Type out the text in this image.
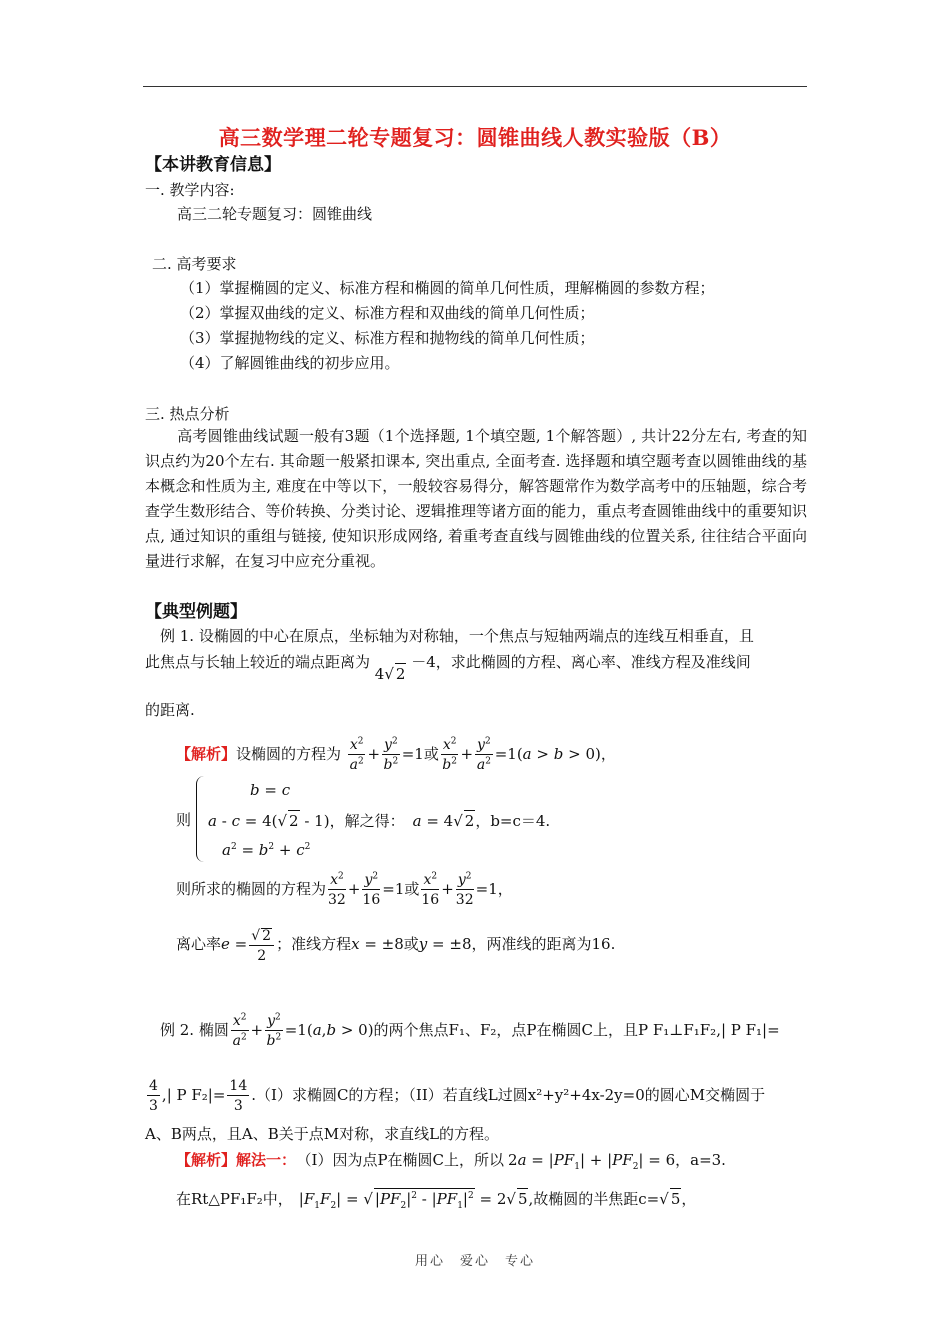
高三数学理二轮专题复习：圆锥曲线人教实验版（B）
【本讲教育信息】
一. 教学内容:
高三二轮专题复习：圆锥曲线
二. 高考要求
（1）掌握椭圆的定义、标准方程和椭圆的简单几何性质，理解椭圆的参数方程；
（2）掌握双曲线的定义、标准方程和双曲线的简单几何性质；
（3）掌握抛物线的定义、标准方程和抛物线的简单几何性质；
（4）了解圆锥曲线的初步应用。
三. 热点分析
高考圆锥曲线试题一般有3题（1个选择题, 1个填空题, 1个解答题）, 共计22分左右, 考查的知识点约为20个左右. 其命题一般紧扣课本, 突出重点, 全面考查. 选择题和填空题考查以圆锥曲线的基本概念和性质为主, 难度在中等以下，一般较容易得分，解答题常作为数学高考中的压轴题，综合考查学生数形结合、等价转换、分类讨论、逻辑推理等诸方面的能力，重点考查圆锥曲线中的重要知识点, 通过知识的重组与链接, 使知识形成网络, 着重考查直线与圆锥曲线的位置关系, 往往结合平面向量进行求解，在复习中应充分重视。
【典型例题】
例 1. 设椭圆的中心在原点，坐标轴为对称轴，一个焦点与短轴两端点的连线互相垂直，且
此焦点与长轴上较近的端点距离为 4√ 2 －4，求此椭圆的方程、离心率、准线方程及准线间
的距离.
【解析】设椭圆的方程为 $\frac{x^2}{a^2} + \frac{y^2}{b^2} =1$或 $\frac{x^2}{b^2} + \frac{y^2}{a^2} =1(a > b > 0)$，
则
b = c
a - c = 4(√ 2 - 1)，解之得： a = 4√ 2，b=c＝4.
$a^2 = b^2 + c^2$
则所求的椭圆的方程为 $\frac{x^2}{32} + \frac{y^2}{16} =1$或 $\frac{x^2}{16} + \frac{y^2}{32} =1$，
离心率$e = \frac{√ 2}{2}$ ；准线方程x = ±8或y = ±8，两准线的距离为16.
例 2. 椭圆 $\frac{x^2}{a^2} + \frac{y^2}{b^2} =1(a,b > 0)$的两个焦点F₁、F₂，点P在椭圆C上，且P F₁⊥F₁F₂,| P F₁|=
$\frac{4}{3}$ ,| P $F_2|= \frac{14}{3} .(I)$求椭圆C的方程；（II）若直线L过圆x²+y²+4x-2y=0的圆心M交椭圆于
A、B两点，且A、B关于点M对称，求直线L的方程。
【解析】解法一： （Ⅰ）因为点P在椭圆C上，所以 $2a = |PF_1| + |PF_2| = 6$，a=3.
在Rt△PF₁F₂中， $|F_1F_2|$ = √ $|PF_2|^2 - |PF_1|^2 = 2√$ 5,故椭圆的半焦距c=√ 5，
用心　爱心　专心
